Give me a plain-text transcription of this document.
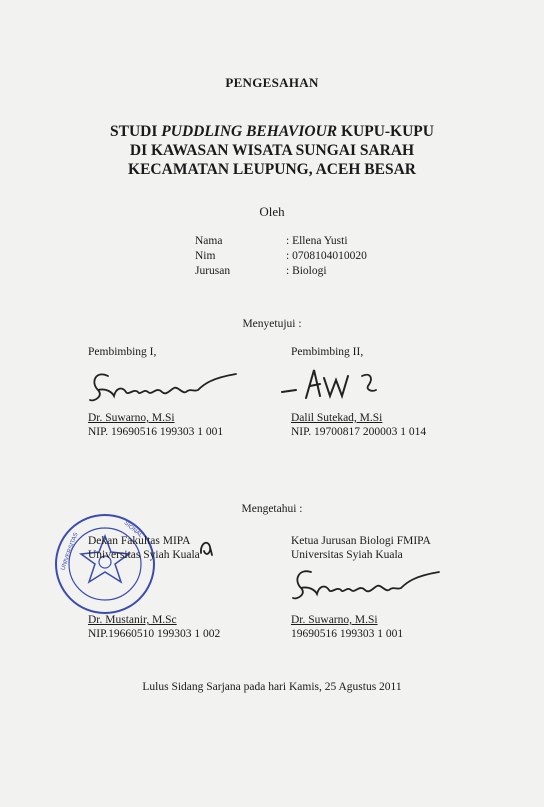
PENGESAHAN
STUDI PUDDLING BEHAVIOUR KUPU-KUPU
DI KAWASAN WISATA SUNGAI SARAH
KECAMATAN LEUPUNG, ACEH BESAR
Oleh
Nama	: Ellena Yusti
Nim	: 0708104010020
Jurusan	: Biologi
Menyetujui :
Pembimbing I,	Pembimbing II,
Dr. Suwarno, M.Si
NIP. 19690516 199303 1 001
Dalil Sutekad, M.Si
NIP. 19700817 200003 1 014
Mengetahui :
UNIVERSITAS
SIONAL
Dekan Fakultas MIPA
Universitas Syiah Kuala
Ketua Jurusan Biologi FMIPA
Universitas Syiah Kuala
Dr. Mustanir, M.Sc
NIP.19660510 199303 1 002
Dr. Suwarno, M.Si
19690516 199303 1 001
Lulus Sidang Sarjana pada hari Kamis, 25 Agustus 2011
